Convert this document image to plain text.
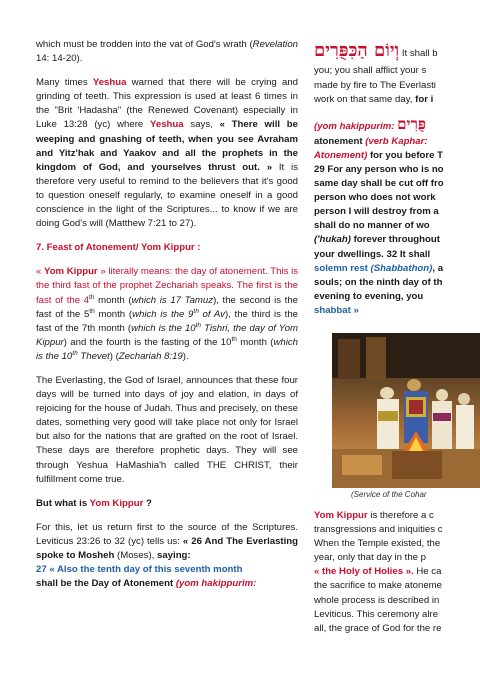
which must be trodden into the vat of God's wrath (Revelation 14: 14-20).

Many times Yeshua warned that there will be crying and grinding of teeth. This expression is used at least 6 times in the "Brit 'Hadasha" (the Renewed Covenant) especially in Luke 13:28 (yc) where Yeshua says, « There will be weeping and gnashing of teeth, when you see Avraham and Yitz'hak and Yaakov and all the prophets in the kingdom of God, and yourselves thrust out. » It is therefore very useful to remind to the believers that it's good to question oneself regularly, to examine oneself in a good conscience in the light of the Scriptures... to know if we are doing God's will (Matthew 7:21 to 27).

7. Feast of Atonement/ Yom Kippur :

« Yom Kippur » literally means: the day of atonement. This is the third fast of the prophet Zechariah speaks. The first is the fast of the 4th month (which is 17 Tamuz), the second is the fast of the 5th month (which is the 9th of Av), the third is the fast of the 7th month (which is the 10th Tishri, the day of Yom Kippur) and the fourth is the fasting of the 10th month (which is the 10th Thevet) (Zechariah 8:19).

The Everlasting, the God of Israel, announces that these four days will be turned into days of joy and elation, in days of rejoicing for the house of Judah. Thus and precisely, on these dates, something very good will take place not only for Israel but also for the nations that are grafted on the root of Israel. These days are therefore prophetic days. They will see through Yeshua HaMashia'h called THE CHRIST, their fulfillment come true.

But what is Yom Kippur ?

For this, let us return first to the source of the Scriptures. Leviticus 23:26 to 32 (yc) tells us: « 26 And The Everlasting spoke to Mosheh (Moses), saying:
27 « Also the tenth day of this seventh month
shall be the Day of Atonement (yom hakippurim:

וְיוֹם הַכִּפֻּרִים It shall b

you; you shall afflict your s

made by fire to The Everlasti

work on that same day, for i

(yom hakippurim: פֻּרִים

atonement (verb Kaphar:

Atonement) for you before T

29 For any person who is no

same day shall be cut off fro

person who does not work

person I will destroy from a

shall do no manner of wo

('hukah) forever throughout

your dwellings. 32 It shall

solemn rest (Shabbathon), a

souls; on the ninth day of th

evening to evening, you

shabbat »

(Service of the Cohar

Yom Kippur is therefore a c

transgressions and iniquities c

When the Temple existed, the

year, only that day in the p

« the Holy of Holies ». He ca

the sacrifice to make atoneme

whole process is described in

Leviticus. This ceremony alre

all, the grace of God for the re
